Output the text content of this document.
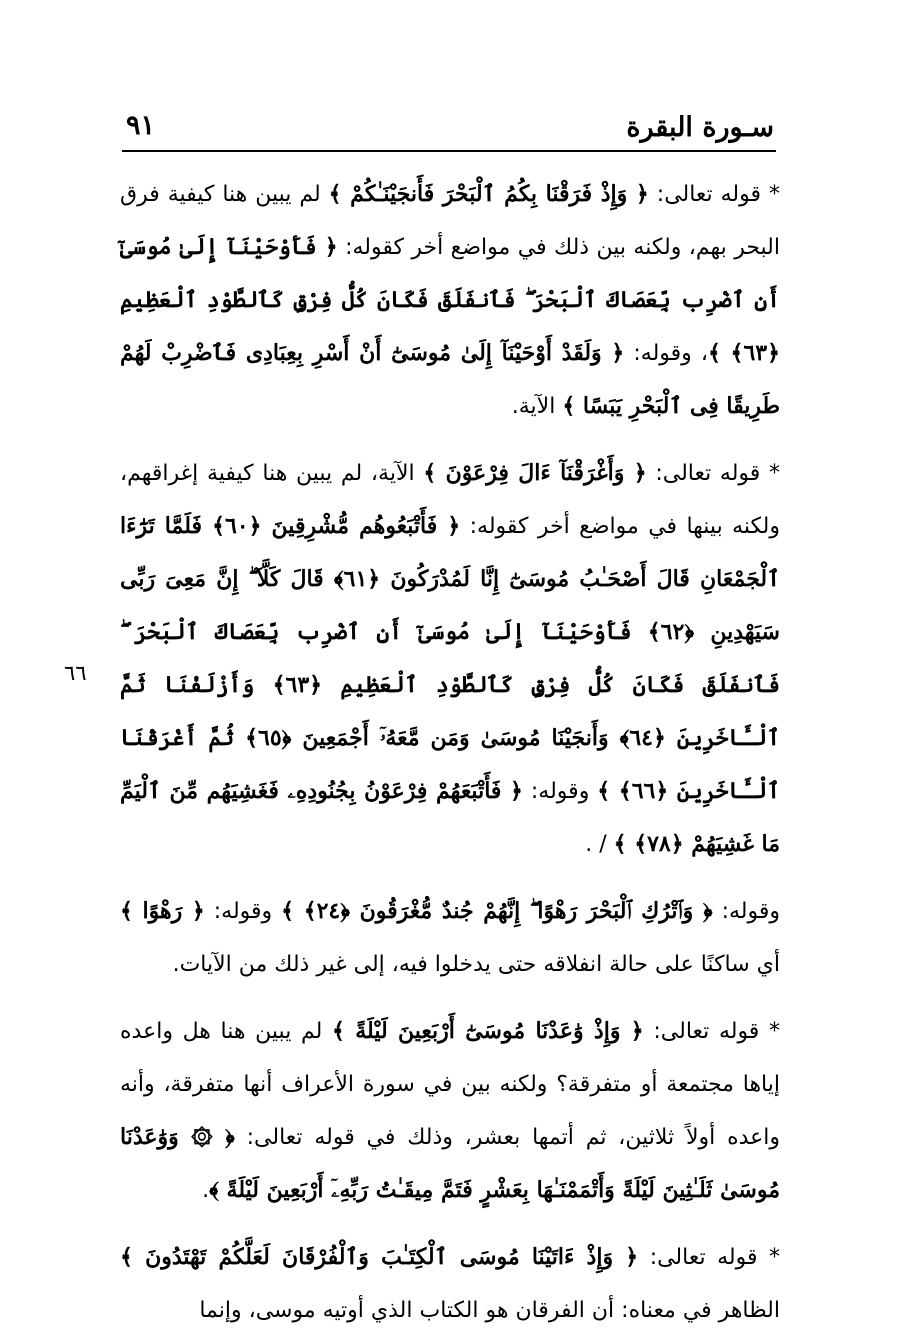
سـورة البقرة
٩١
٦٦

* قوله تعالى: ﴿ وَإِذْ فَرَقْنَا بِكُمُ ٱلْبَحْرَ فَأَنجَيْنَـٰكُمْ ﴾ لم يبين هنا كيفية فرق البحر بهم، ولكنه بين ذلك في مواضع أخر كقوله: ﴿ فَأَوْحَيْنَآ إِلَىٰ مُوسَىٰٓ أَنِ ٱضْرِب بِّعَصَاكَ ٱلْبَحْرَ ۖ فَٱنفَلَقَ فَكَانَ كُلُّ فِرْقٍ كَٱلطَّوْدِ ٱلْعَظِيمِ ﴿٦٣﴾ ﴾، وقوله: ﴿ وَلَقَدْ أَوْحَيْنَآ إِلَىٰ مُوسَىٰٓ أَنْ أَسْرِ بِعِبَادِى فَٱضْرِبْ لَهُمْ طَرِيقًا فِى ٱلْبَحْرِ يَبَسًا ﴾ الآية.

* قوله تعالى: ﴿ وَأَغْرَقْنَآ ءَالَ فِرْعَوْنَ ﴾ الآية، لم يبين هنا كيفية إغراقهم، ولكنه بينها في مواضع أخر كقوله: ﴿ فَأَتْبَعُوهُم مُّشْرِقِينَ ﴿٦٠﴾ فَلَمَّا تَرَٰٓءَا ٱلْجَمْعَانِ قَالَ أَصْحَـٰبُ مُوسَىٰٓ إِنَّا لَمُدْرَكُونَ ﴿٦١﴾ قَالَ كَلَّآ ۖ إِنَّ مَعِىَ رَبِّى سَيَهْدِينِ ﴿٦٢﴾ فَأَوْحَيْنَآ إِلَىٰ مُوسَىٰٓ أَنِ ٱضْرِب بِّعَصَاكَ ٱلْبَحْرَ ۖ فَٱنفَلَقَ فَكَانَ كُلُّ فِرْقٍ كَٱلطَّوْدِ ٱلْعَظِيمِ ﴿٦٣﴾ وَأَزْلَفْنَا ثَمَّ ٱلْـَٔاخَرِينَ ﴿٦٤﴾ وَأَنجَيْنَا مُوسَىٰ وَمَن مَّعَهُۥٓ أَجْمَعِينَ ﴿٦٥﴾ ثُمَّ أَغْرَقْنَا ٱلْـَٔاخَرِينَ ﴿٦٦﴾ ﴾ وقوله: ﴿ فَأَتْبَعَهُمْ فِرْعَوْنُ بِجُنُودِهِۦ فَغَشِيَهُم مِّنَ ٱلْيَمِّ مَا غَشِيَهُمْ ﴿٧٨﴾ ﴾ / .

وقوله: ﴿ وَٱتْرُكِ ٱلْبَحْرَ رَهْوًا ۖ إِنَّهُمْ جُندٌ مُّغْرَقُونَ ﴿٢٤﴾ ﴾ وقوله: ﴿ رَهْوًا ﴾ أي ساكنًا على حالة انفلاقه حتى يدخلوا فيه، إلى غير ذلك من الآيات.

* قوله تعالى: ﴿ وَإِذْ وَٰعَدْنَا مُوسَىٰٓ أَرْبَعِينَ لَيْلَةً ﴾ لم يبين هنا هل واعده إياها مجتمعة أو متفرقة؟ ولكنه بين في سورة الأعراف أنها متفرقة، وأنه واعده أولاً ثلاثين، ثم أتمها بعشر، وذلك في قوله تعالى: ﴿ ۞ وَوَٰعَدْنَا مُوسَىٰ ثَلَـٰثِينَ لَيْلَةً وَأَتْمَمْنَـٰهَا بِعَشْرٍ فَتَمَّ مِيقَـٰتُ رَبِّهِۦٓ أَرْبَعِينَ لَيْلَةً ﴾.

* قوله تعالى: ﴿ وَإِذْ ءَاتَيْنَا مُوسَى ٱلْكِتَـٰبَ وَٱلْفُرْقَانَ لَعَلَّكُمْ تَهْتَدُونَ ﴾ الظاهر في معناه: أن الفرقان هو الكتاب الذي أوتيه موسى، وإنما
